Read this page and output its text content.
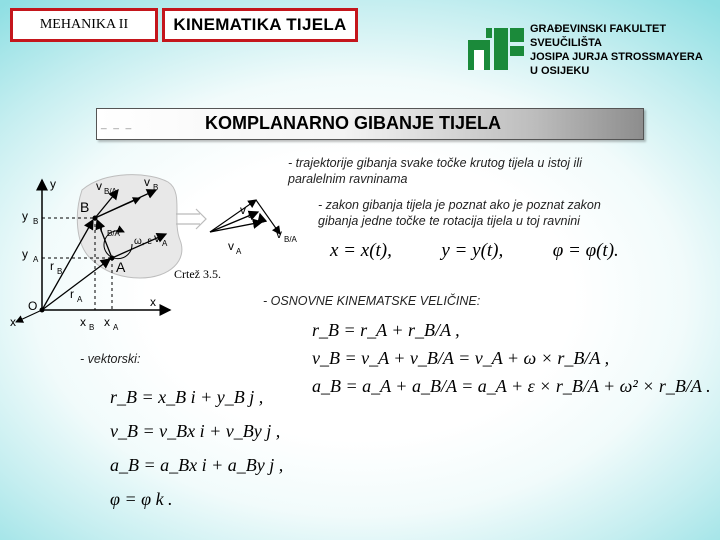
MEHANIKA II	KINEMATIKA TIJELA	GRAĐEVINSKI FAKULTET
SVEUČILIŠTA
JOSIPA JURJA STROSSMAYERA
U OSIJEKU
_ _ _	KOMPLANARNO GIBANJE TIJELA
- trajektorije gibanja svake točke krutog tijela u istoj ili
paralelnim ravninama
- zakon gibanja tijela je poznat ako je poznat zakon
gibanja jedne točke te rotacija tijela u toj ravnini
- OSNOVNE KINEMATSKE VELIČINE:
- vektorski:
y
x
x
O
y B
y A
x B x A
B
A
v B/A
v B
r B/A	v A
ω, ε
r B
r A
v B
v A
v B/A
Crtež 3.5.
x = x(t),	y = y(t),	φ = φ(t).
r_B = r_A + r_B/A ,
v_B = v_A + v_B/A = v_A + ω × r_B/A ,
a_B = a_A + a_B/A = a_A + ε × r_B/A + ω² × r_B/A .
r_B = x_B i + y_B j ,
v_B = v_Bx i + v_By j ,
a_B = a_Bx i + a_By j ,
φ = φ k .
